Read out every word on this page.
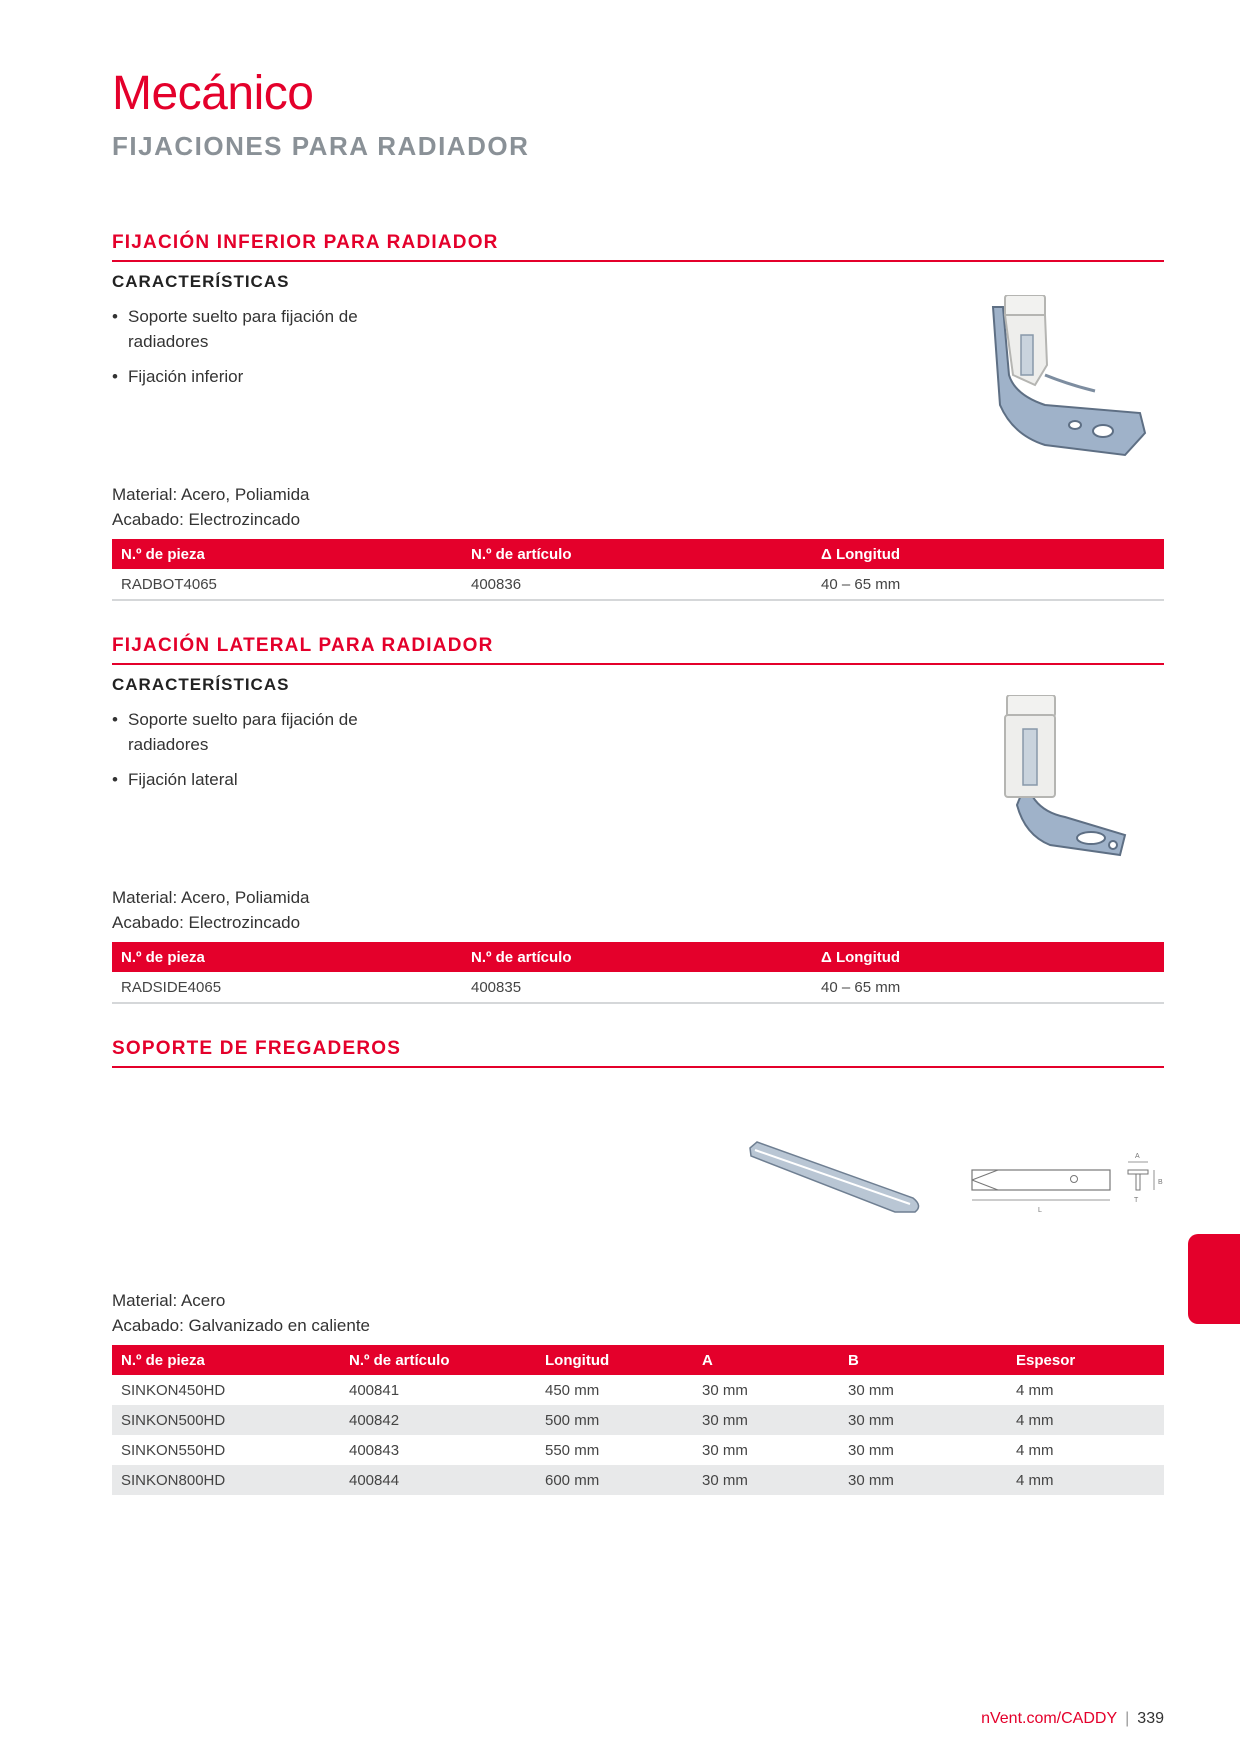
Mecánico
FIJACIONES PARA RADIADOR
FIJACIÓN INFERIOR PARA RADIADOR
CARACTERÍSTICAS
• Soporte suelto para fijación de radiadores
• Fijación inferior
Material: Acero, Poliamida
Acabado: Electrozincado
N.º de pieza	N.º de artículo	Δ Longitud
RADBOT4065	400836	40 – 65 mm
FIJACIÓN LATERAL PARA RADIADOR
CARACTERÍSTICAS
• Soporte suelto para fijación de radiadores
• Fijación lateral
Material: Acero, Poliamida
Acabado: Electrozincado
N.º de pieza	N.º de artículo	Δ Longitud
RADSIDE4065	400835	40 – 65 mm
SOPORTE DE FREGADEROS
Material: Acero
Acabado: Galvanizado en caliente
N.º de pieza	N.º de artículo	Longitud	A	B	Espesor
SINKON450HD	400841	450 mm	30 mm	30 mm	4 mm
SINKON500HD	400842	500 mm	30 mm	30 mm	4 mm
SINKON550HD	400843	550 mm	30 mm	30 mm	4 mm
SINKON800HD	400844	600 mm	30 mm	30 mm	4 mm
L
A
B
T
nVent.com/CADDY | 339
